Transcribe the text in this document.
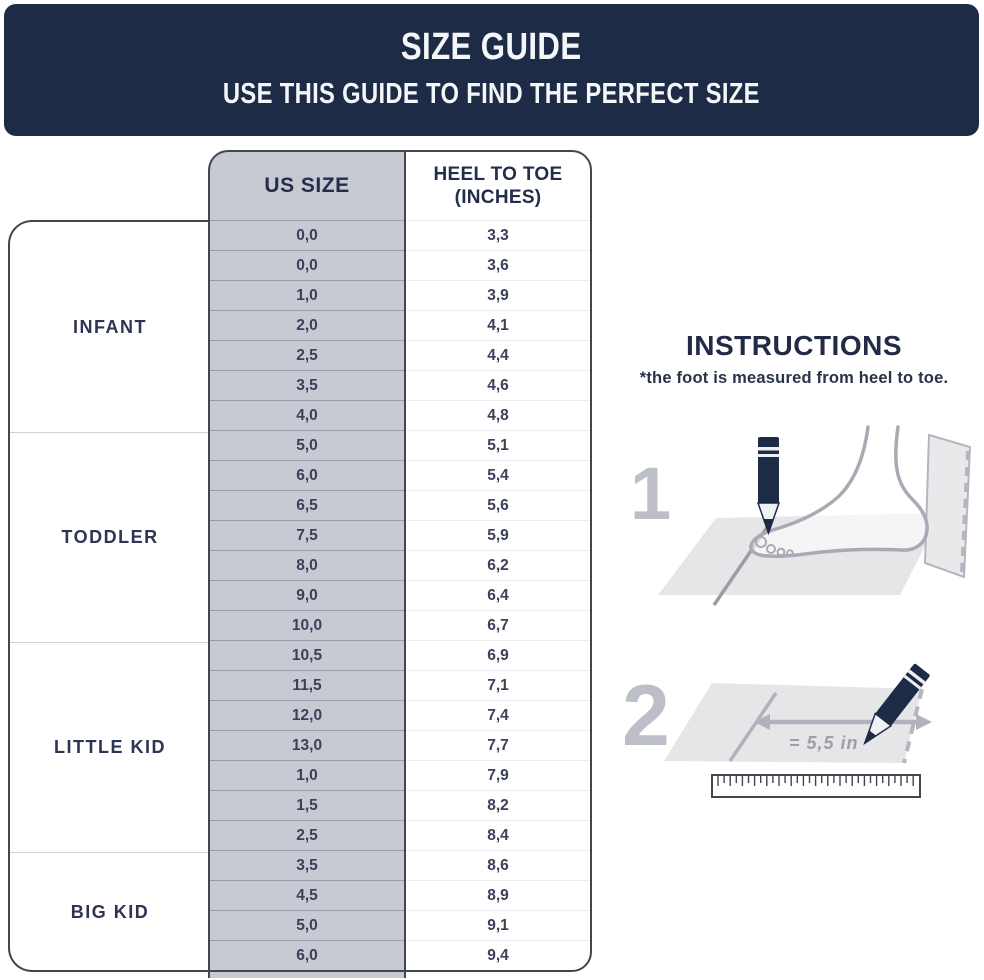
SIZE GUIDE
USE THIS GUIDE TO FIND THE PERFECT SIZE
INFANT
TODDLER
LITTLE KID
BIG KID
US SIZE
0,0
0,0
1,0
2,0
2,5
3,5
4,0
5,0
6,0
6,5
7,5
8,0
9,0
10,0
10,5
11,5
12,0
13,0
1,0
1,5
2,5
3,5
4,5
5,0
6,0
HEEL TO TOE
(INCHES)
3,3
3,6
3,9
4,1
4,4
4,6
4,8
5,1
5,4
5,6
5,9
6,2
6,4
6,7
6,9
7,1
7,4
7,7
7,9
8,2
8,4
8,6
8,9
9,1
9,4
INSTRUCTIONS
*the foot is measured from heel to toe.
1
2	= 5,5 in
